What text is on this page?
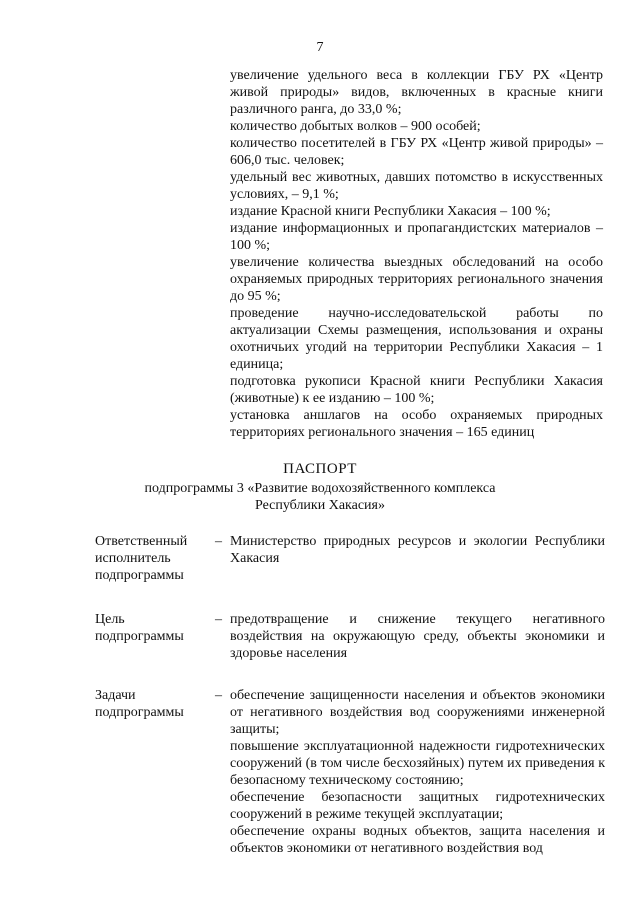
7

увеличение удельного веса в коллекции ГБУ РХ «Центр живой природы» видов, включенных в красные книги различного ранга, до 33,0 %;

количество добытых волков – 900 особей;

количество посетителей в ГБУ РХ «Центр живой природы» – 606,0 тыс. человек;

удельный вес животных, давших потомство в искусственных условиях, – 9,1 %;

издание Красной книги Республики Хакасия – 100 %;

издание информационных и пропагандистских материалов – 100 %;

увеличение количества выездных обследований на особо охраняемых природных территориях регионального значения до 95 %;

проведение научно-исследовательской работы по актуализации Схемы размещения, использования и охраны охотничьих угодий на территории Республики Хакасия – 1 единица;

подготовка рукописи Красной книги Республики Хакасия (животные) к ее изданию – 100 %;

установка аншлагов на особо охраняемых природных территориях регионального значения – 165 единиц

ПАСПОРТ
подпрограммы 3 «Развитие водохозяйственного комплекса
Республики Хакасия»
Ответственный исполнитель подпрограммы
– Министерство природных ресурсов и экологии Республики Хакасия
Цель подпрограммы
– предотвращение и снижение текущего негативного воздействия на окружающую среду, объекты экономики и здоровье населения
Задачи подпрограммы
– обеспечение защищенности населения и объектов экономики от негативного воздействия вод сооружениями инженерной защиты;

повышение эксплуатационной надежности гидротехнических сооружений (в том числе бесхозяйных) путем их приведения к безопасному техническому состоянию;

обеспечение безопасности защитных гидротехнических сооружений в режиме текущей эксплуатации;

обеспечение охраны водных объектов, защита населения и объектов экономики от негативного воздействия вод
